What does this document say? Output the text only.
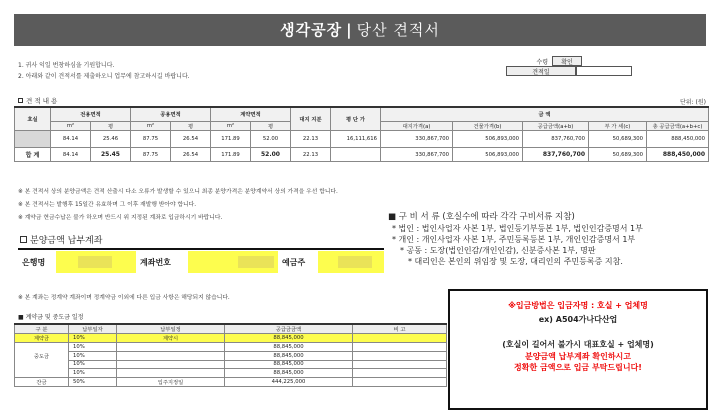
생각공장 | 당산 견적서
1. 귀사 익일 번창하심을 기원합니다.
2. 아래와 같이 견적서를 제출하오니 업무에 참고하시길 바랍니다.
수령	확인
견적일
견 적 내 용	단위: (원)
호실	전용면적		공용면적		계약면적		대지 지분	평 단 가	금 액				
	m²	평	m²	평	m²	평			대지가격(a)	건물가격(b)	공급금액(a+b)	부 가 세(c)	총 공급금액(a+b+c)
	84.14	25.46	87.75	26.54	171.89	52.00	22.13	16,111,616	330,867,700	506,893,000	837,760,700	50,689,300	888,450,000
합 계	84.14	25.45	87.75	26.54	171.89	52.00	22.13		330,867,700	506,893,000	837,760,700	50,689,300	888,450,000
※ 본 견적서 상의 분양금액은 견적 산출시 다소 오류가 발생할 수 있으니 최종 분양가격은 분양계약서 상의 가격을 우선 합니다.
※ 본 견적서는 발행후 15일간 유효하며 그 이후 재발행 받아야 합니다.
※ 계약금 현금수납은 불가 하오며 반드시 위 지정된 계좌로 입금하시기 바랍니다.	■ 구 비 서 류 (호실수에 따라 각각 구비서류 지참)
* 법인 : 법인사업자 사본 1부, 법인등기부등본 1부, 법인인감증명서 1부
* 개인 : 개인사업자 사본 1부, 주민등록등본 1부, 개인인감증명서 1부
* 공동 : 도장(법인인감/개인인감), 신분증사본 1부, 명판
* 대리인은 본인의 위임장 및 도장, 대리인의 주민등록증 지참.
분양금액 납부계좌
은행명	계좌번호	예금주
※ 본 계좌는 정계약 계좌이며 정계약금 이외에 다른 입금 사항은 해당되지 않습니다.
■ 계약금 및 중도금 일정
구 분	납부일자	납부일정	공급금금액	비 고
계약금	10%	계약시	88,845,000	
	10%		88,845,000	
중도금	10%		88,845,000	
	10%		88,845,000	
	10%		88,845,000	
잔금	50%	입주지정일	444,225,000	
※입금방법은 입금자명 : 호실 + 업체명
ex) A504가나다산업
(호실이 길어서 불가시 대표호실 + 업체명)
분양금액 납부계좌 확인하시고
정확한 금액으로 입금 부탁드립니다!
